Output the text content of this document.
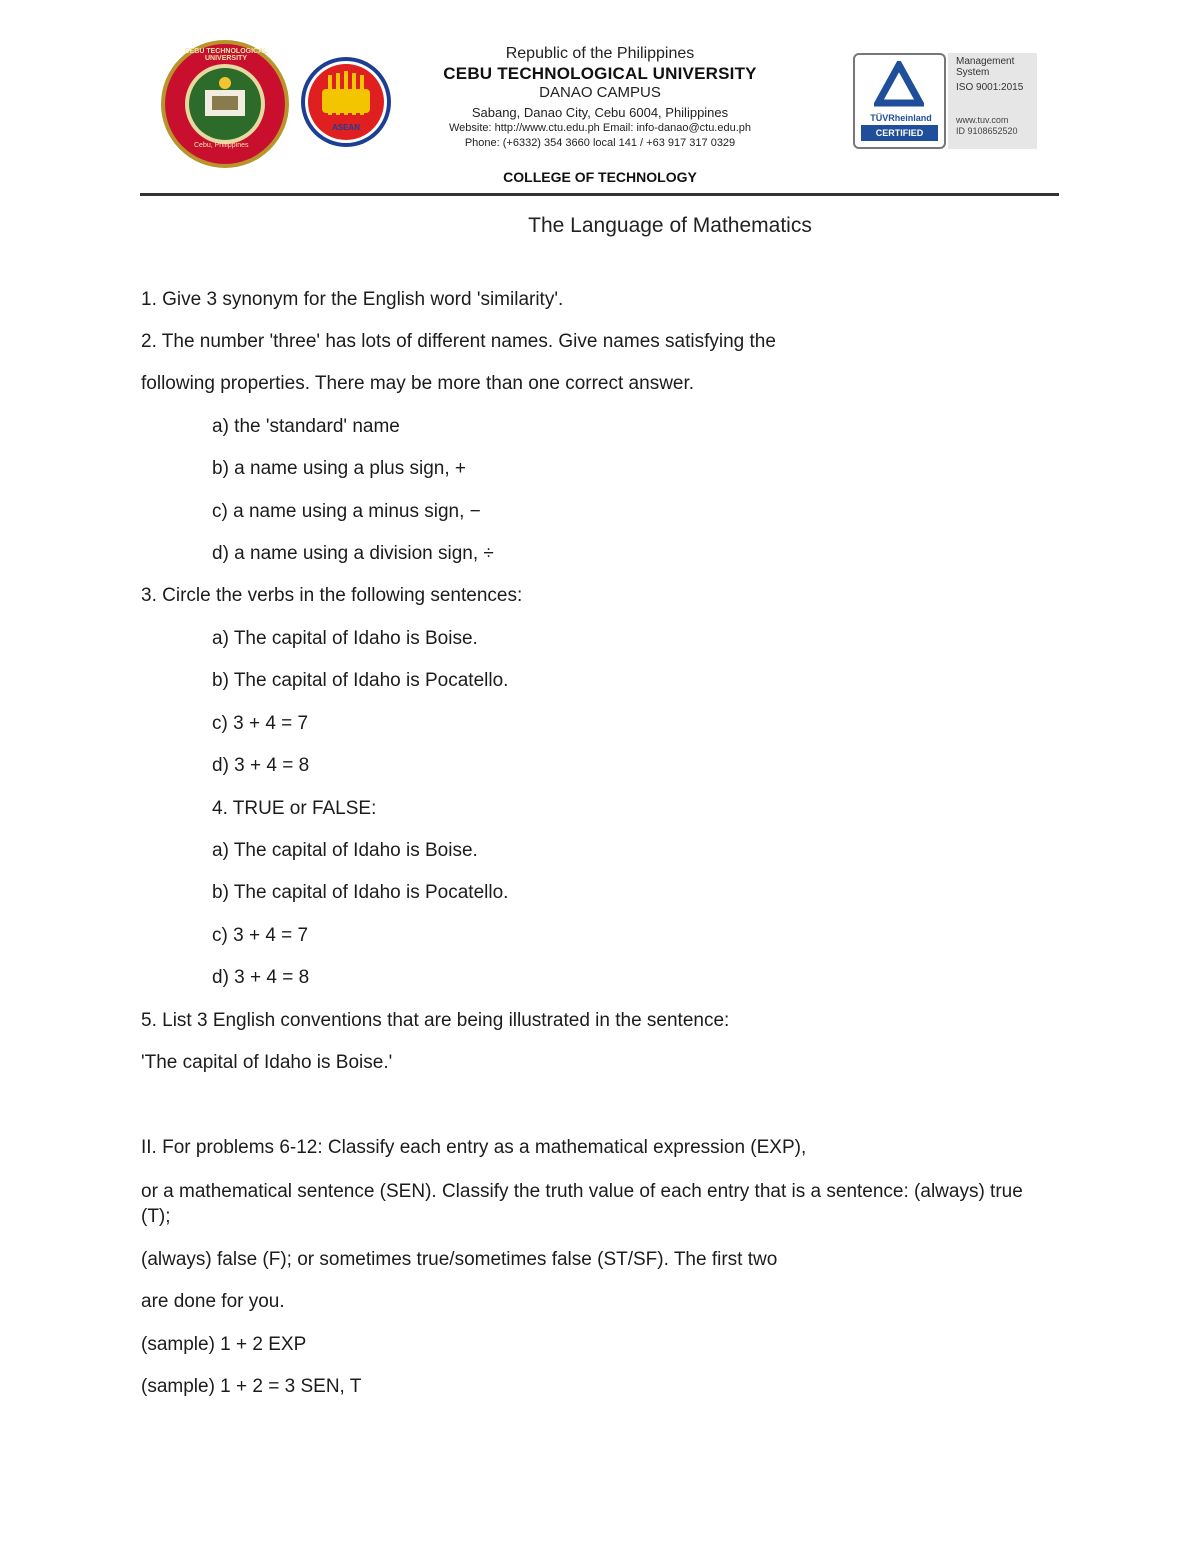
Cebu, Philippines
CEBU TECHNOLOGICAL UNIVERSITY
ASEAN
Republic of the Philippines
CEBU TECHNOLOGICAL UNIVERSITY
DANAO CAMPUS
Sabang, Danao City, Cebu 6004, Philippines
Website: http://www.ctu.edu.ph Email: info-danao@ctu.edu.ph
Phone: (+6332) 354 3660 local 141 / +63 917 317 0329
COLLEGE OF TECHNOLOGY
TÜVRheinland
CERTIFIED
Management System
ISO 9001:2015
www.tuv.com
ID 9108652520
The Language of Mathematics
1. Give 3 synonym for the English word 'similarity'.
2. The number 'three' has lots of different names. Give names satisfying the
following properties. There may be more than one correct answer.
a) the 'standard' name
b) a name using a plus sign, +
c) a name using a minus sign, −
d) a name using a division sign, ÷
3. Circle the verbs in the following sentences:
a) The capital of Idaho is Boise.
b) The capital of Idaho is Pocatello.
c) 3 + 4 = 7
d) 3 + 4 = 8
4. TRUE or FALSE:
a) The capital of Idaho is Boise.
b) The capital of Idaho is Pocatello.
c) 3 + 4 = 7
d) 3 + 4 = 8
5. List 3 English conventions that are being illustrated in the sentence:
'The capital of Idaho is Boise.'
II. For problems 6-12: Classify each entry as a mathematical expression (EXP),
or a mathematical sentence (SEN). Classify the truth value of each entry that is a sentence: (always) true (T);
(always) false (F); or sometimes true/sometimes false (ST/SF). The first two
are done for you.
(sample) 1 + 2 EXP
(sample) 1 + 2 = 3 SEN, T
